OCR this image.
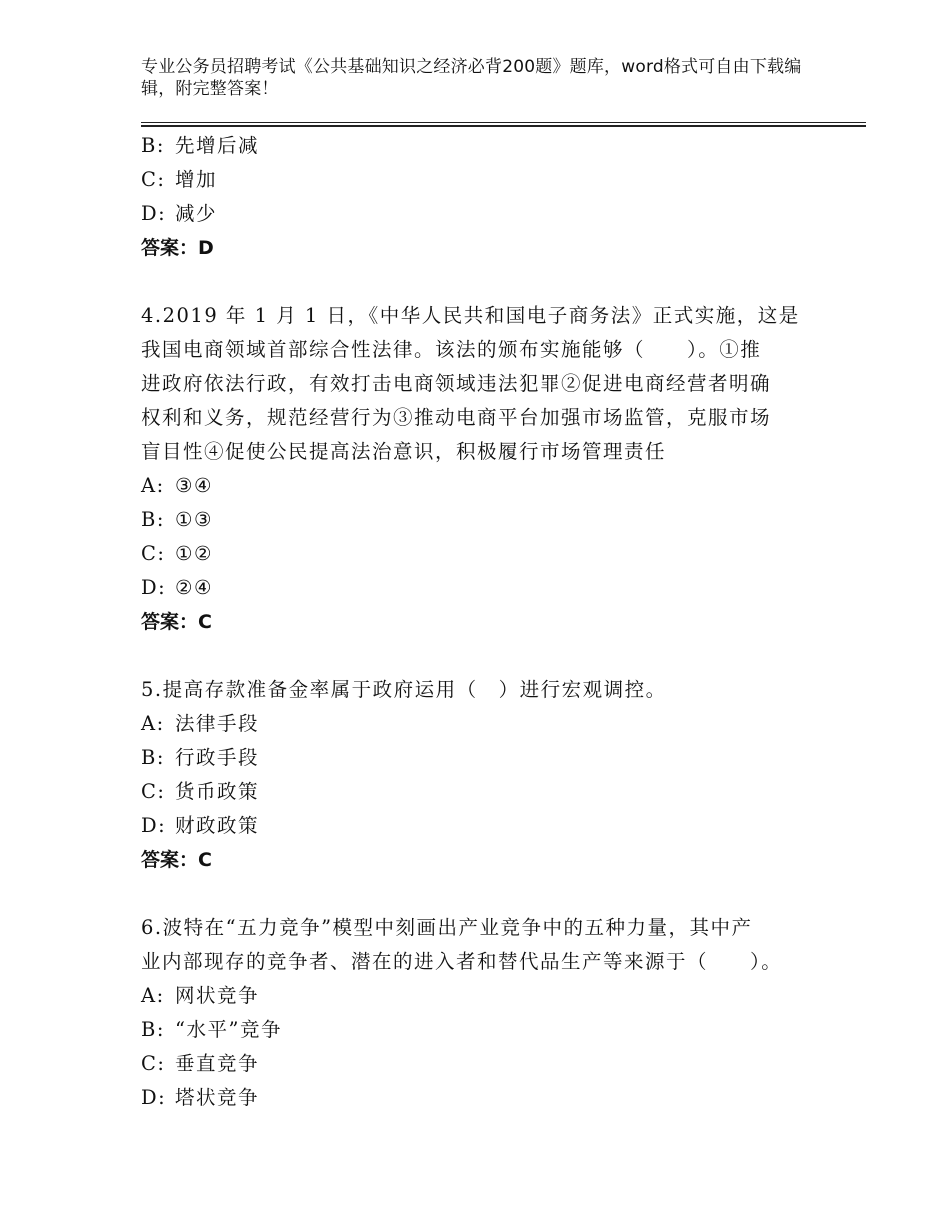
专业公务员招聘考试《公共基础知识之经济必背200题》题库，word格式可自由下载编辑，附完整答案！
B: 先增后减
C: 增加
D: 减少
答案：D
4.2019 年 1 月 1 日，《中华人民共和国电子商务法》正式实施，这是
我国电商领域首部综合性法律。该法的颁布实施能够（　　）。①推
进政府依法行政，有效打击电商领域违法犯罪②促进电商经营者明确
权利和义务，规范经营行为③推动电商平台加强市场监管，克服市场
盲目性④促使公民提高法治意识，积极履行市场管理责任
A: ③④
B: ①③
C: ①②
D: ②④
答案：C
5.提高存款准备金率属于政府运用（　）进行宏观调控。
A: 法律手段
B: 行政手段
C: 货币政策
D: 财政政策
答案：C
6.波特在“五力竞争”模型中刻画出产业竞争中的五种力量，其中产
业内部现存的竞争者、潜在的进入者和替代品生产等来源于（　　）。
A: 网状竞争
B: “水平”竞争
C: 垂直竞争
D: 塔状竞争
